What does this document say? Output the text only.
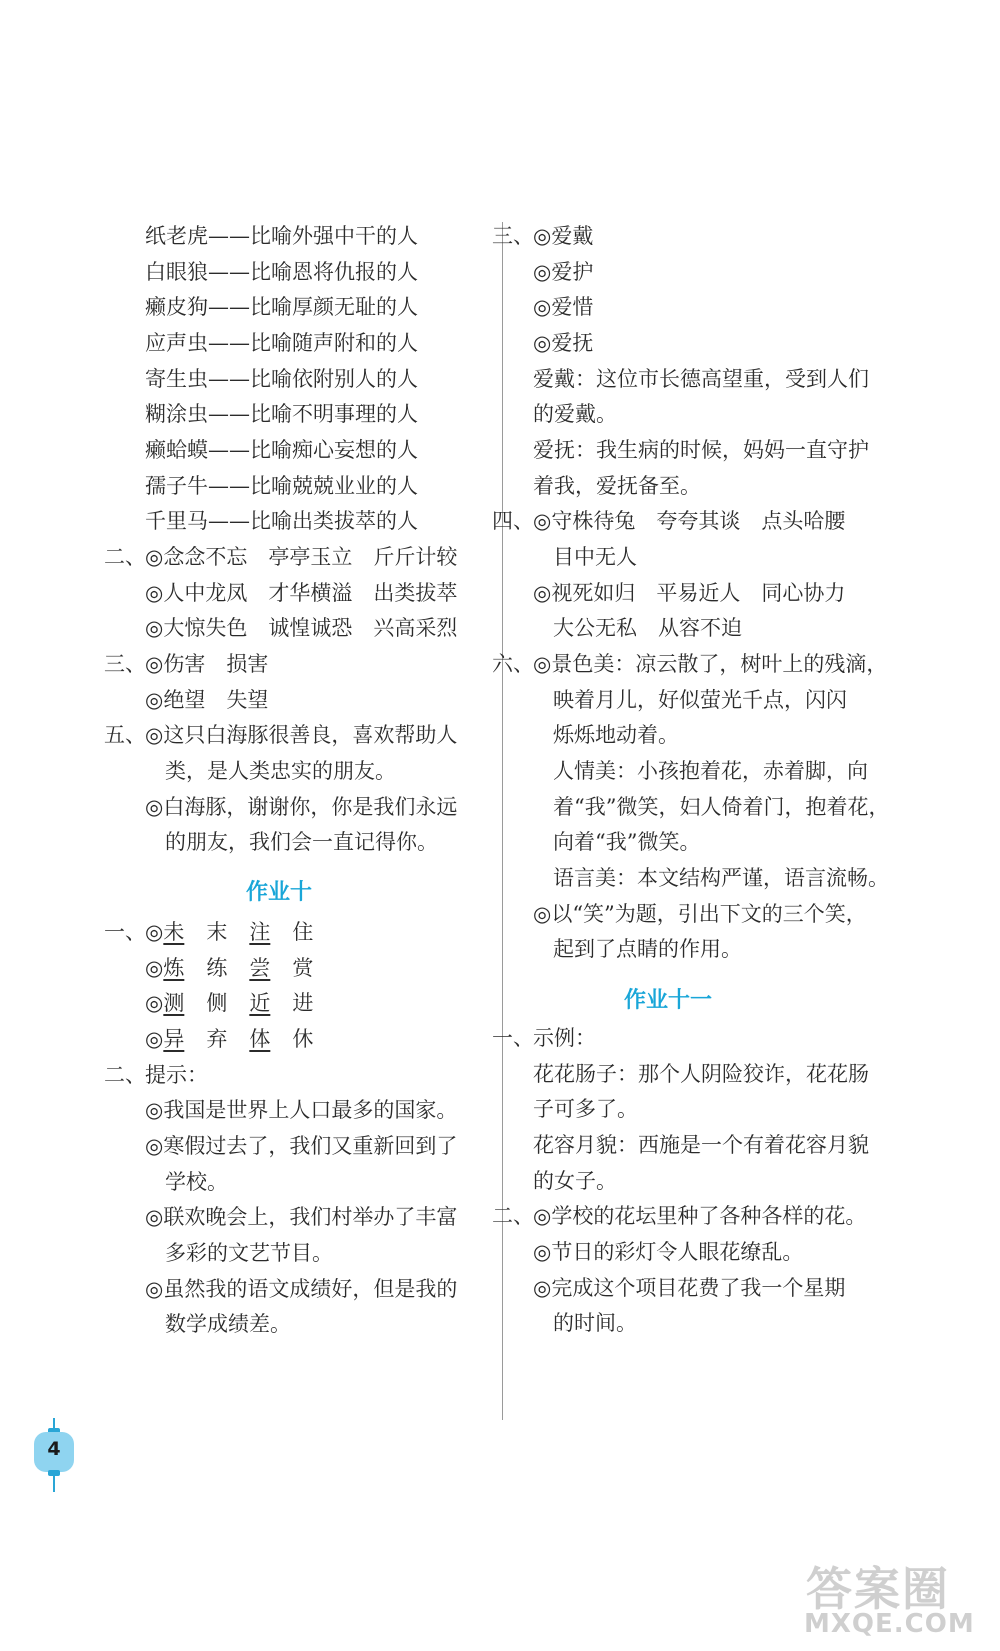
纸老虎——比喻外强中干的人
白眼狼——比喻恩将仇报的人
癞皮狗——比喻厚颜无耻的人
应声虫——比喻随声附和的人
寄生虫——比喻依附别人的人
糊涂虫——比喻不明事理的人
癞蛤蟆——比喻痴心妄想的人
孺子牛——比喻兢兢业业的人
千里马——比喻出类拔萃的人
二、 ◎念念不忘　亭亭玉立　斤斤计较
◎人中龙凤　才华横溢　出类拔萃
◎大惊失色　诚惶诚恐　兴高采烈
三、 ◎伤害　损害
◎绝望　失望
五、 ◎这只白海豚很善良，喜欢帮助人
类，是人类忠实的朋友。
◎白海豚，谢谢你，你是我们永远
的朋友，我们会一直记得你。
作业十
一、 ◎未 末 注 住
◎炼 练 尝 赏
◎测 侧 近 进
◎异 弃 体 休
二、 提示：
◎我国是世界上人口最多的国家。
◎寒假过去了，我们又重新回到了
学校。
◎联欢晚会上，我们村举办了丰富
多彩的文艺节目。
◎虽然我的语文成绩好，但是我的
数学成绩差。
三、 ◎爱戴
◎爱护
◎爱惜
◎爱抚
爱戴：这位市长德高望重，受到人们
的爱戴。
爱抚：我生病的时候，妈妈一直守护
着我，爱抚备至。
四、 ◎守株待兔　夸夸其谈　点头哈腰
目中无人
◎视死如归　平易近人　同心协力
大公无私　从容不迫
六、 ◎景色美：凉云散了，树叶上的残滴，
映着月儿，好似萤光千点，闪闪
烁烁地动着。
人情美：小孩抱着花，赤着脚，向
着“我”微笑，妇人倚着门，抱着花，
向着“我”微笑。
语言美：本文结构严谨，语言流畅。
◎以“笑”为题，引出下文的三个笑，
起到了点睛的作用。
作业十一
一、 示例：
花花肠子：那个人阴险狡诈，花花肠
子可多了。
花容月貌：西施是一个有着花容月貌
的女子。
二、 ◎学校的花坛里种了各种各样的花。
◎节日的彩灯令人眼花缭乱。
◎完成这个项目花费了我一个星期
的时间。
4
答案圈
MXQE.COM
